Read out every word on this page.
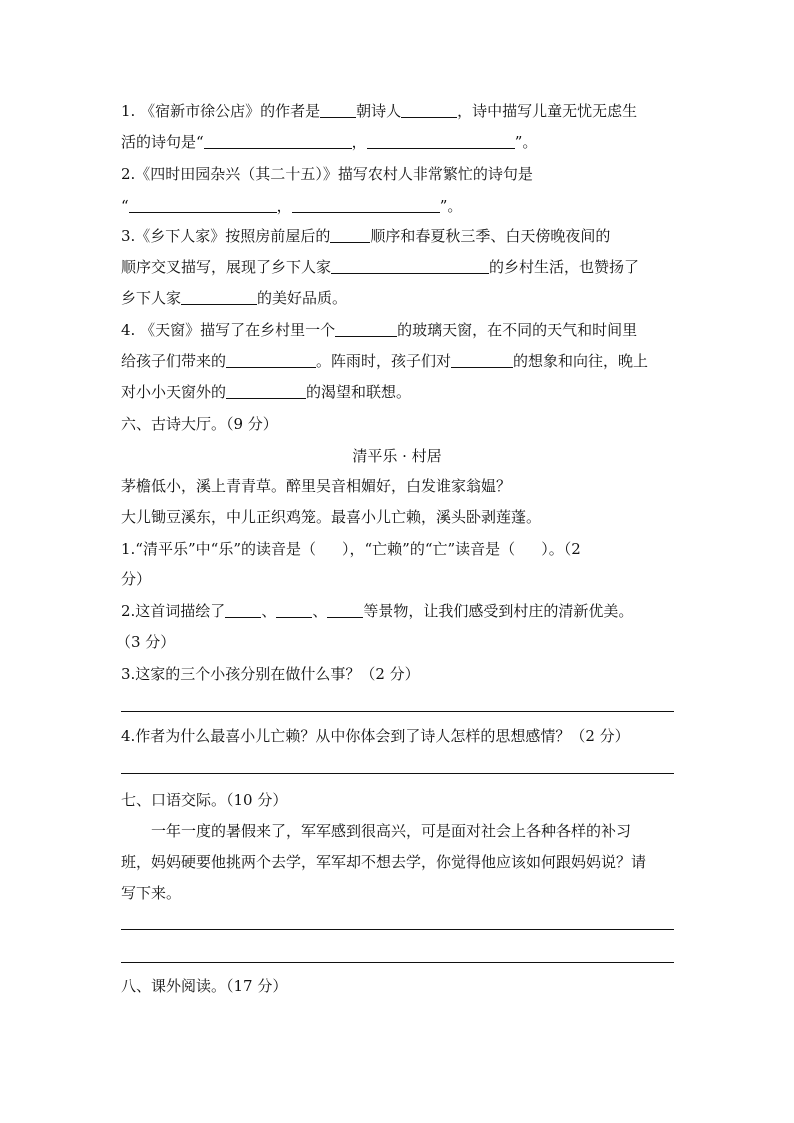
1. 《宿新市徐公店》的作者是 朝诗人	，诗中描写儿童无忧无虑生
活的诗句是“	，	”。
2.《四时田园杂兴（其二十五）》描写农村人非常繁忙的诗句是
“	，	”。
3.《乡下人家》按照房前屋后的	顺序和春夏秋三季、白天傍晚夜间的
顺序交叉描写，展现了乡下人家	的乡村生活，也赞扬了
乡下人家	的美好品质。
4. 《天窗》描写了在乡村里一个	的玻璃天窗，在不同的天气和时间里
给孩子们带来的	。阵雨时，孩子们对	的想象和向往，晚上
对小小天窗外的	的渴望和联想。
六、古诗大厅。（9 分）
清平乐 · 村居
茅檐低小，溪上青青草。醉里吴音相媚好，白发谁家翁媪？
大儿锄豆溪东，中儿正织鸡笼。最喜小儿亡赖，溪头卧剥莲蓬。
1.“清平乐”中“乐”的读音是（ ），“亡赖”的“亡”读音是（ ）。（2
分）
2.这首词描绘了 、 、 等景物，让我们感受到村庄的清新优美。
（3 分）
3.这家的三个小孩分别在做什么事？（2 分）
4.作者为什么最喜小儿亡赖？从中你体会到了诗人怎样的思想感情？（2 分）
七、口语交际。（10 分）
一年一度的暑假来了，军军感到很高兴，可是面对社会上各种各样的补习
班，妈妈硬要他挑两个去学，军军却不想去学，你觉得他应该如何跟妈妈说？请
写下来。
八、课外阅读。（17 分）
